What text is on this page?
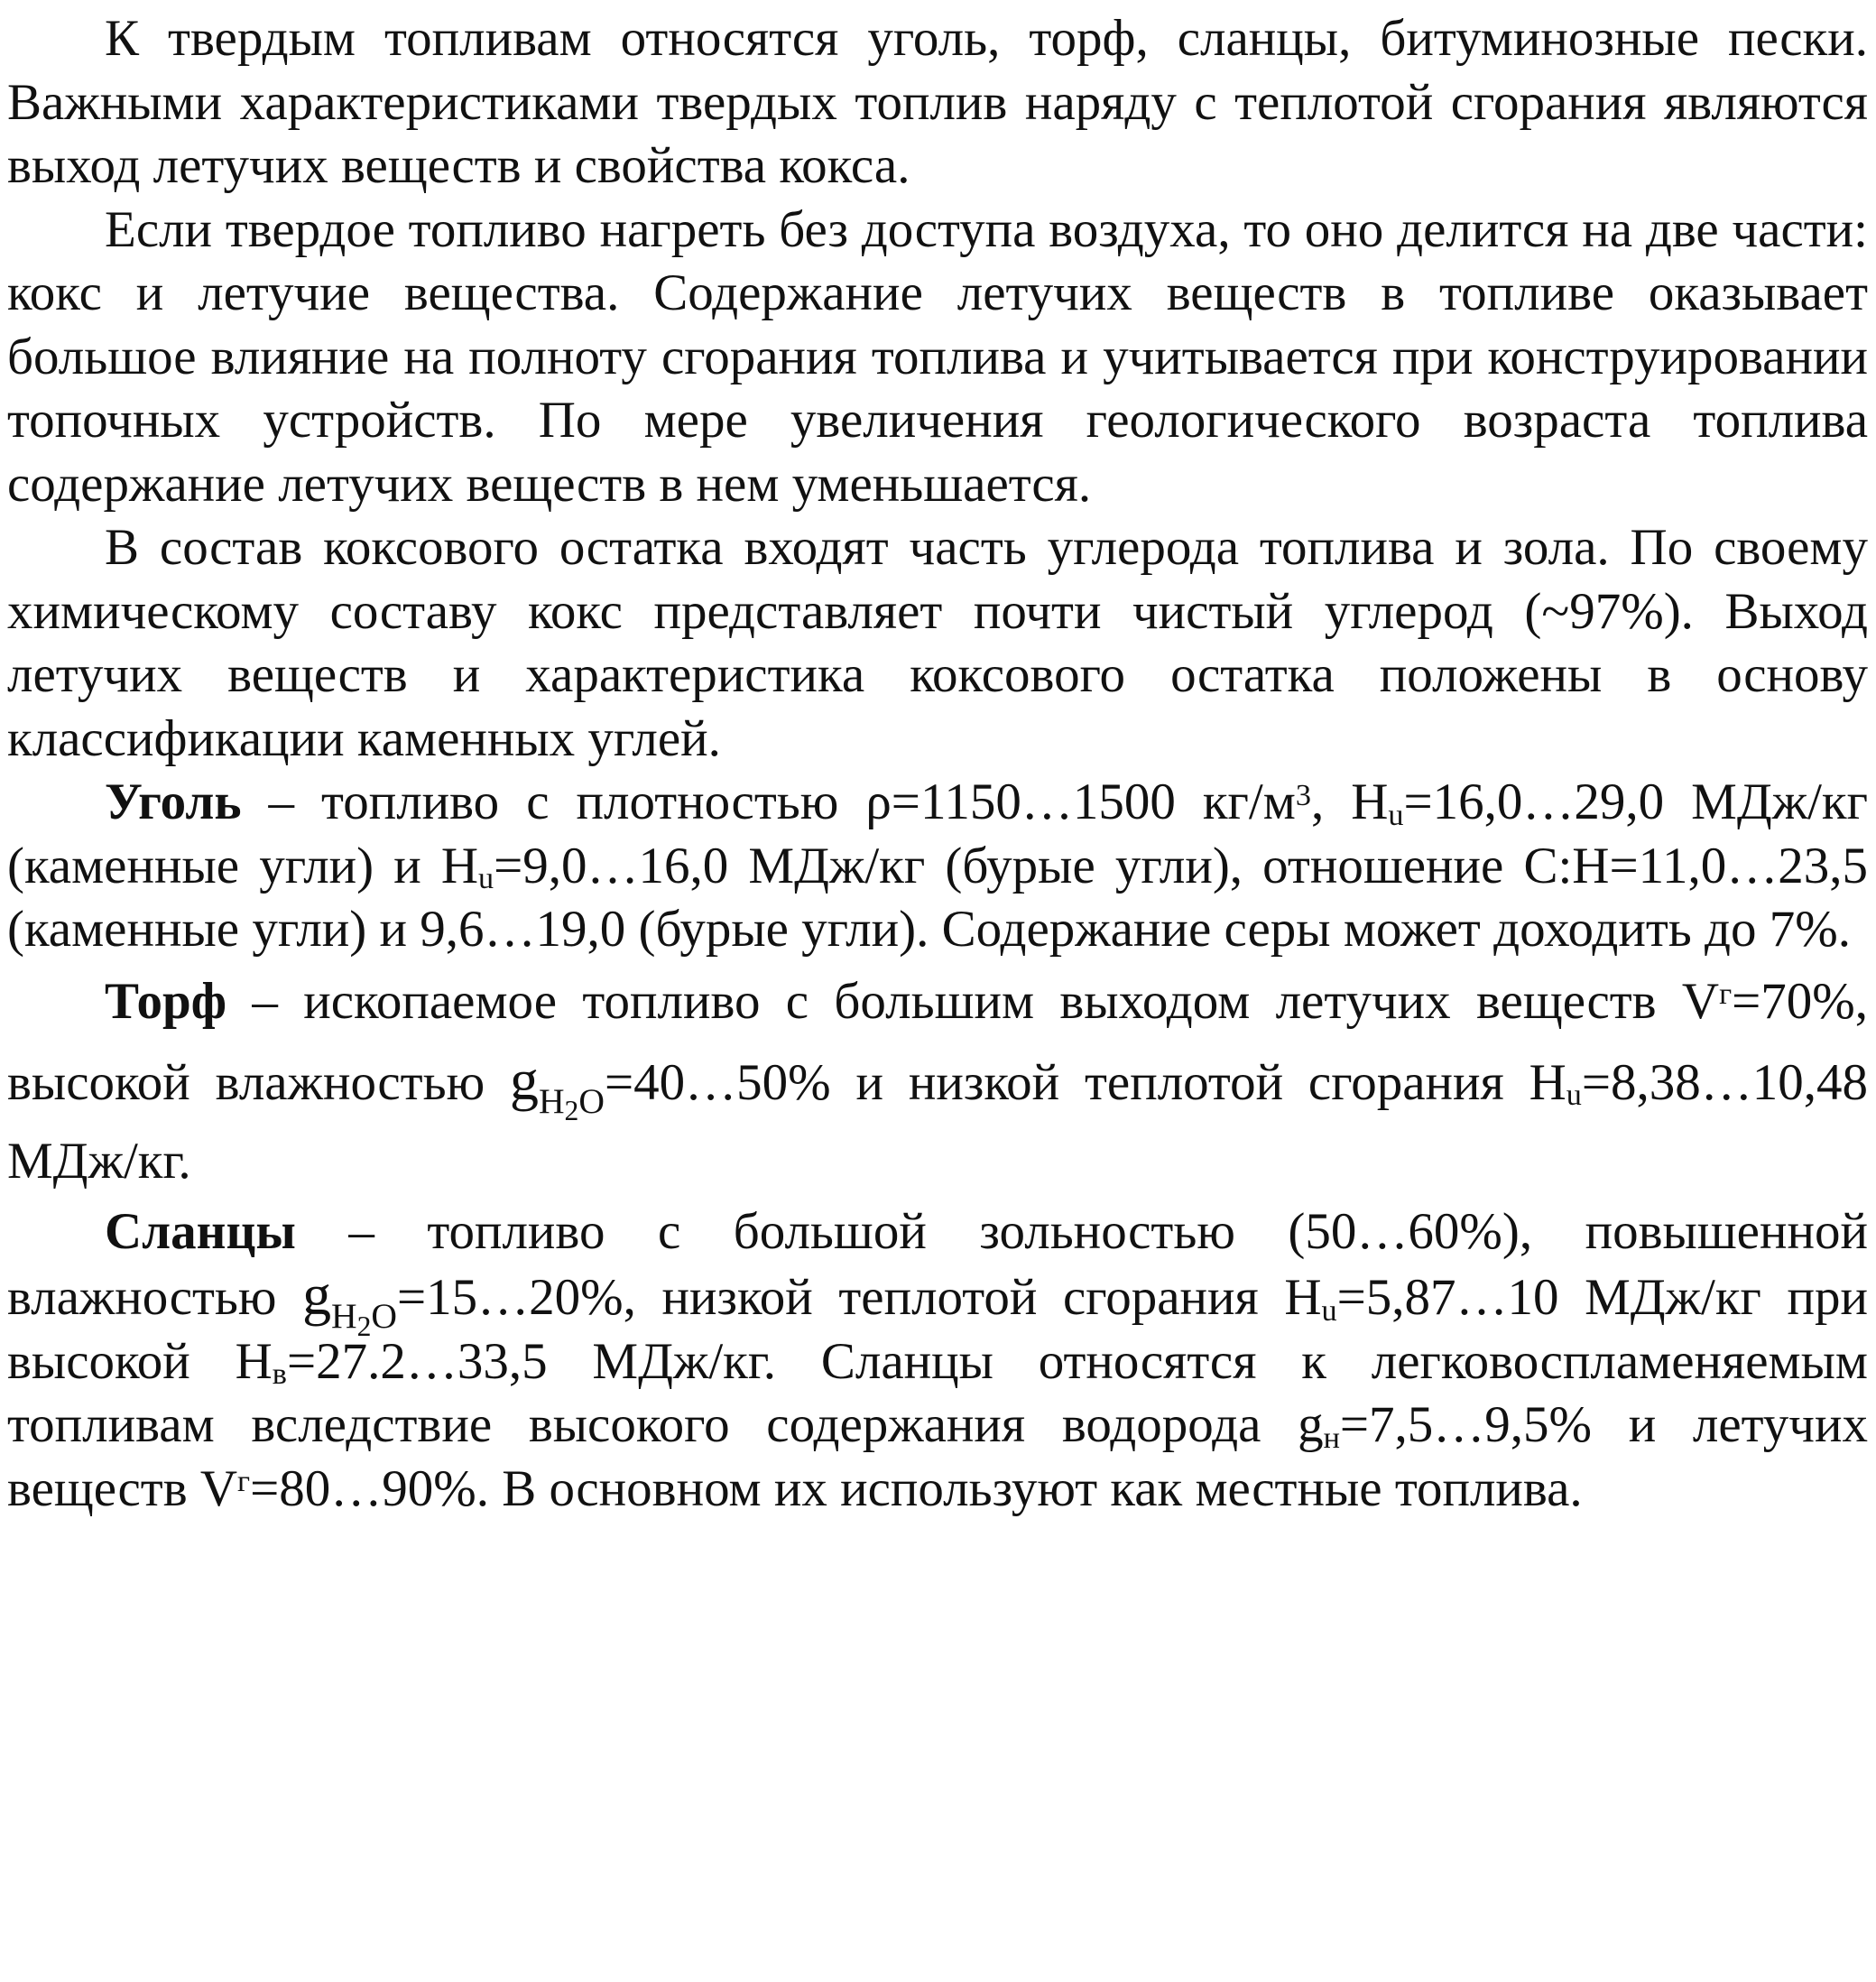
К твердым топливам относятся уголь, торф, сланцы, битуминозные пески. Важными характеристиками твердых топлив наряду с теплотой сгорания являются выход летучих веществ и свойства кокса.

Если твердое топливо нагреть без доступа воздуха, то оно делится на две части: кокс и летучие вещества. Содержание летучих веществ в топливе оказывает большое влияние на полноту сгорания топлива и учитывается при конструировании топочных устройств. По мере увеличения геологического возраста топлива содержание летучих веществ в нем уменьшается.

В состав коксового остатка входят часть углерода топлива и зола. По своему химическому составу кокс представляет почти чистый углерод (~97%). Выход летучих веществ и характеристика коксового остатка положены в основу классификации каменных углей.

Уголь – топливо с плотностью ρ=1150…1500 $кг/м^3$, $H_u=16,0\dots 29,0$ МДж/кг (каменные угли) и $H_u=9,0\dots 16,0$ МДж/кг (бурые угли), отношение С:Н=11,0…23,5 (каменные угли) и 9,6…19,0 (бурые угли). Содержание серы может доходить до 7%.

Торф – ископаемое топливо с большим выходом летучих веществ $V^г=70\%$, высокой влажностью $g_{H_2O}=40\dots 50\%$ и низкой теплотой сгорания $H_u=8,38\dots 10,48$ МДж/кг.

Сланцы – топливо с большой зольностью (50…60%), повышенной влажностью $g_{H_2O}=15\dots 20\%$, низкой теплотой сгорания $H_u=5,87\dots 10$ МДж/кг при высокой $H_в=27.2\dots 33,5$ МДж/кг. Сланцы относятся к легковоспламеняемым топливам вследствие высокого содержания водорода $g_н=7,5\dots 9,5\%$ и летучих веществ $V^г=80\dots 90\%$. В основном их используют как местные топлива.
